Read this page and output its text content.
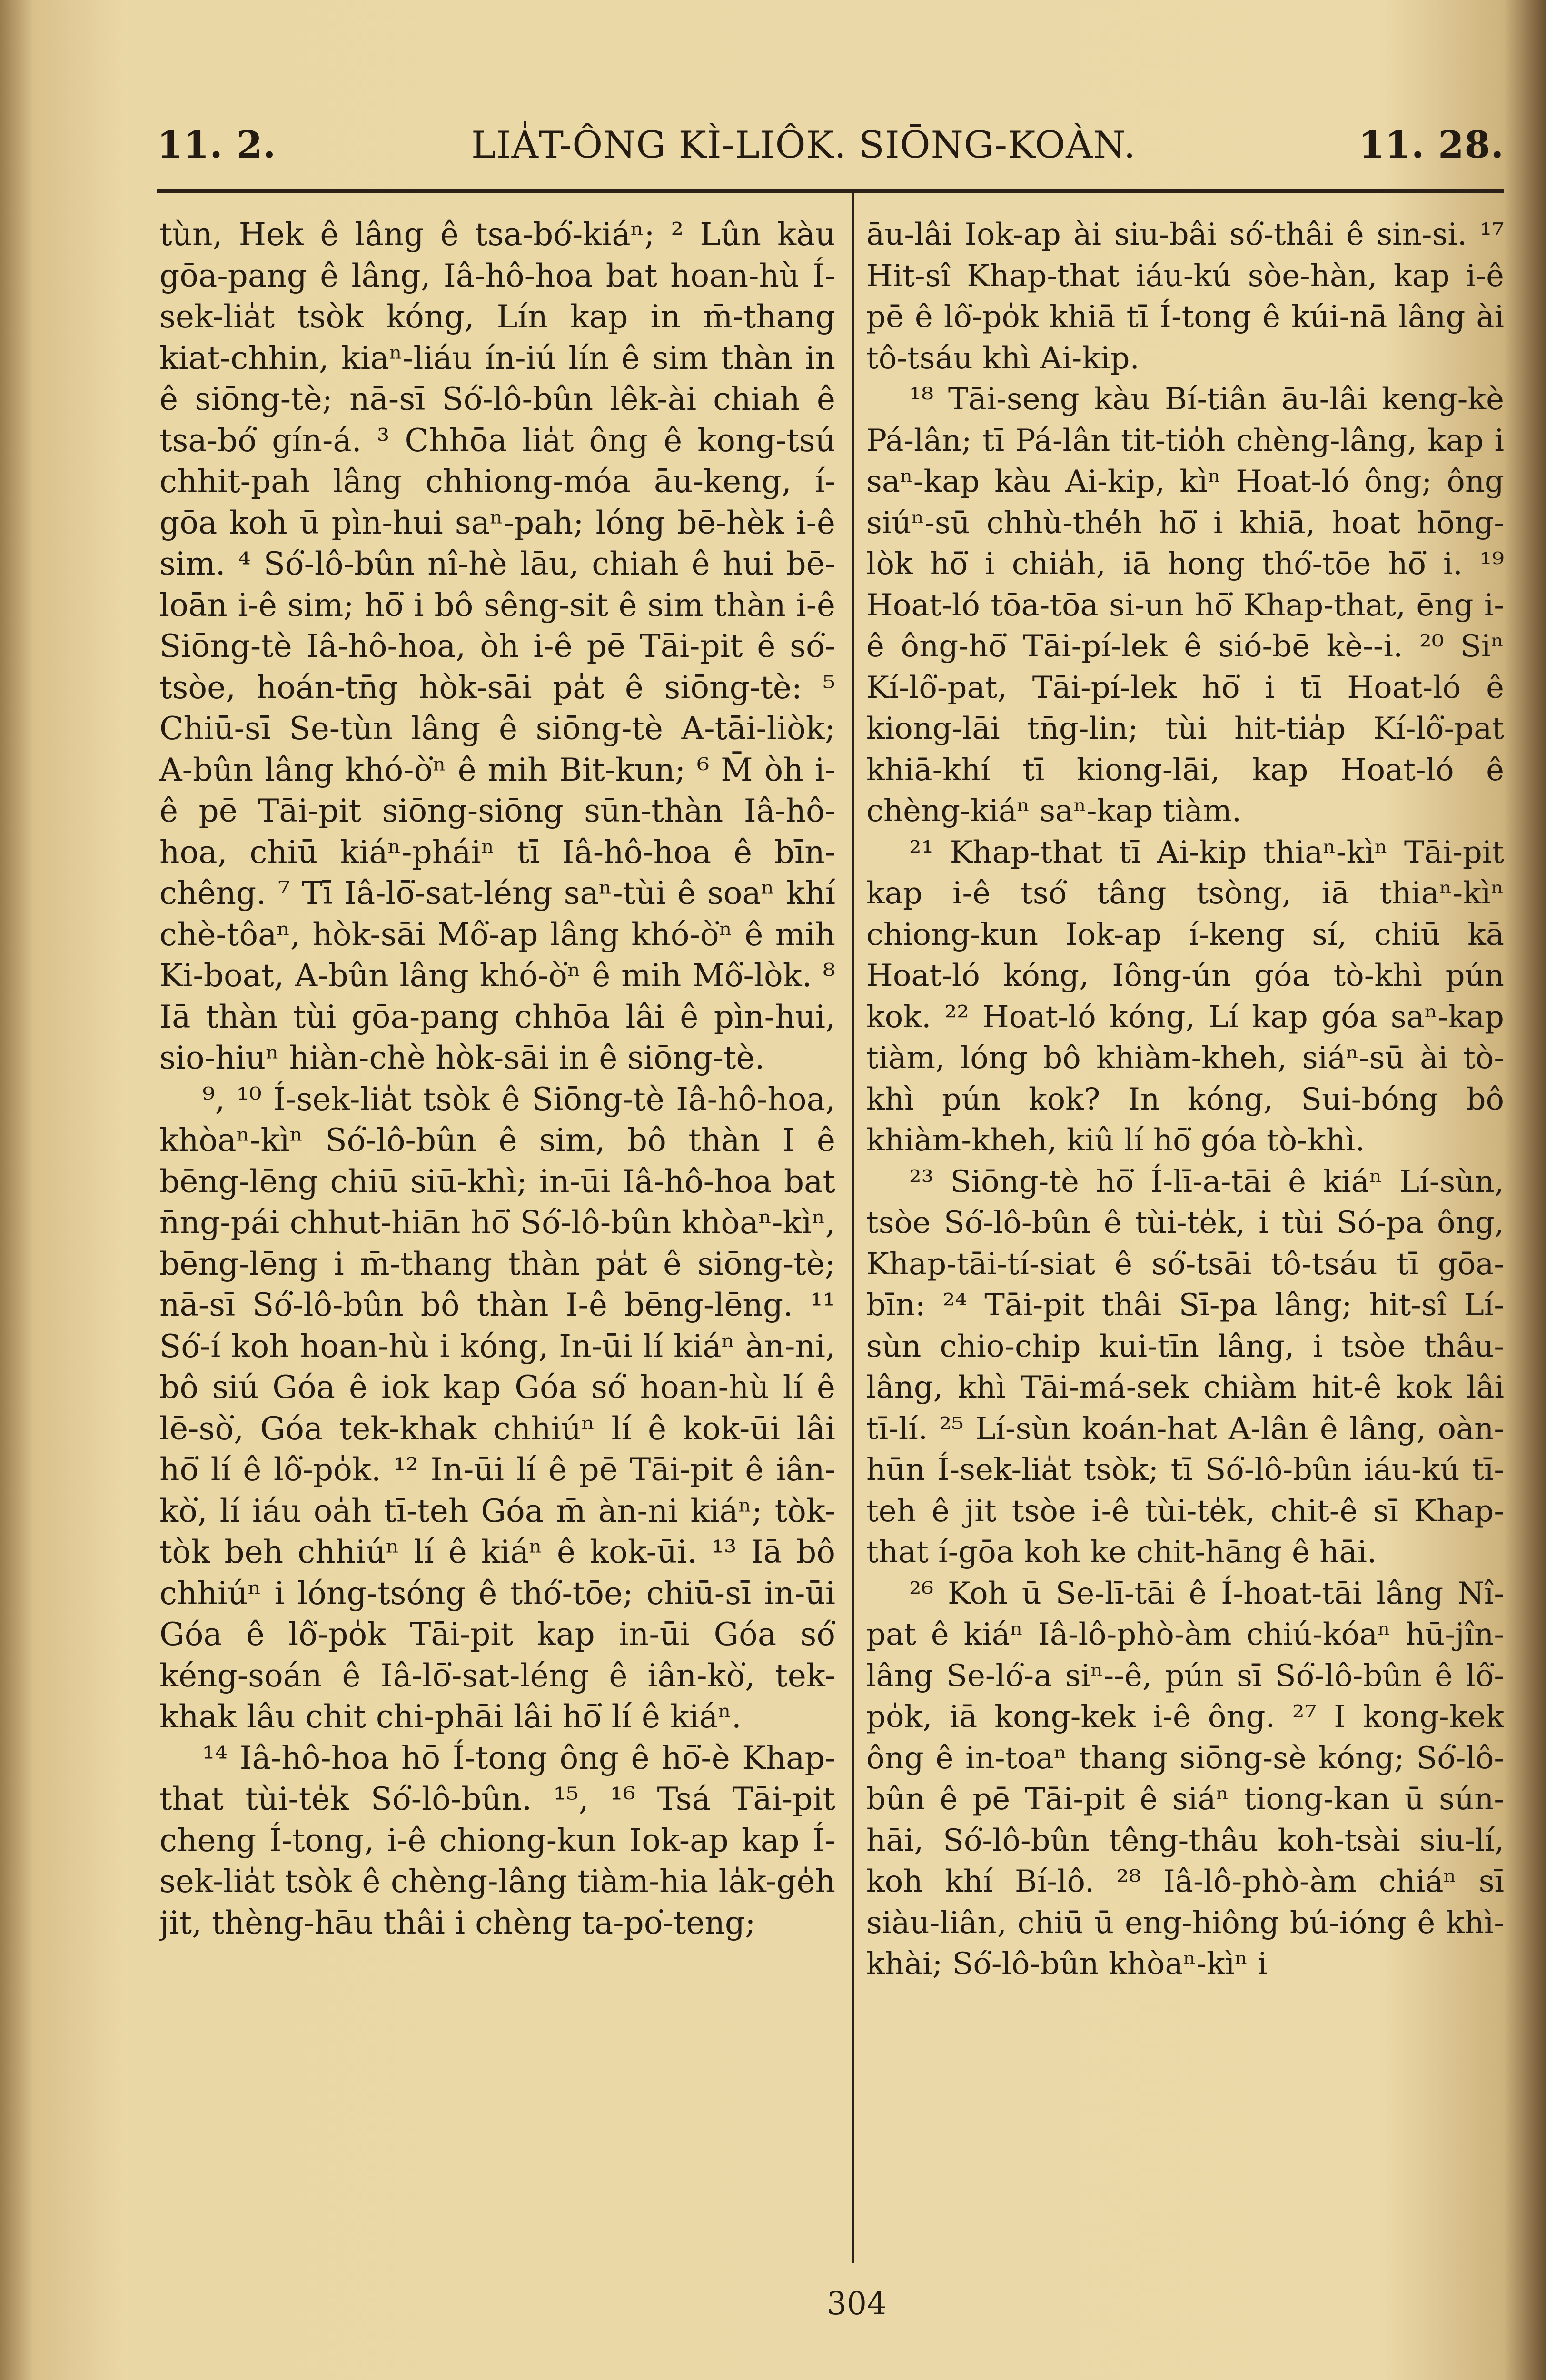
11. 2.	LIA̍T-ÔNG KÌ-LIÔK. SIŌNG-KOÀN.	11. 28.

tùn, Hek ê lâng ê tsa-bó͘-kiáⁿ; ² Lûn kàu gōa-pang ê lâng, Iâ-hô-hoa bat hoan-hù Í-sek-lia̍t tsòk kóng, Lín kap in m̄-thang kiat-chhin, kiaⁿ-liáu ín-iú lín ê sim thàn in ê siōng-tè; nā-sī Só͘-lô-bûn lêk-ài chiah ê tsa-bó͘ gín-á. ³ Chhōa lia̍t ông ê kong-tsú chhit-pah lâng chhiong-móa āu-keng, í-gōa koh ū pìn-hui saⁿ-pah; lóng bē-hèk i-ê sim. ⁴ Só͘-lô-bûn nî-hè lāu, chiah ê hui bē-loān i-ê sim; hō͘ i bô sêng-sit ê sim thàn i-ê Siōng-tè Iâ-hô-hoa, òh i-ê pē Tāi-pit ê só͘-tsòe, hoán-tn̄g hòk-sāi pa̍t ê siōng-tè: ⁵ Chiū-sī Se-tùn lâng ê siōng-tè A-tāi-liòk; A-bûn lâng khó-ò͘ⁿ ê mih Bit-kun; ⁶ M̄ òh i-ê pē Tāi-pit siōng-siōng sūn-thàn Iâ-hô-hoa, chiū kiáⁿ-pháiⁿ tī Iâ-hô-hoa ê bīn-chêng. ⁷ Tī Iâ-lō͘-sat-léng saⁿ-tùi ê soaⁿ khí chè-tôaⁿ, hòk-sāi Mô͘-ap lâng khó-ò͘ⁿ ê mih Ki-boat, A-bûn lâng khó-ò͘ⁿ ê mih Mô͘-lòk. ⁸ Iā thàn tùi gōa-pang chhōa lâi ê pìn-hui, sio-hiuⁿ hiàn-chè hòk-sāi in ê siōng-tè.

⁹, ¹⁰ Í-sek-lia̍t tsòk ê Siōng-tè Iâ-hô-hoa, khòaⁿ-kìⁿ Só͘-lô-bûn ê sim, bô thàn I ê bēng-lēng chiū siū-khì; in-ūi Iâ-hô-hoa bat n̄ng-pái chhut-hiān hō͘ Só͘-lô-bûn khòaⁿ-kìⁿ, bēng-lēng i m̄-thang thàn pa̍t ê siōng-tè; nā-sī Só͘-lô-bûn bô thàn I-ê bēng-lēng. ¹¹ Só͘-í koh hoan-hù i kóng, In-ūi lí kiáⁿ àn-ni, bô siú Góa ê iok kap Góa só͘ hoan-hù lí ê lē-sò͘, Góa tek-khak chhiúⁿ lí ê kok-ūi lâi hō͘ lí ê lô͘-po̍k. ¹² In-ūi lí ê pē Tāi-pit ê iân-kò͘, lí iáu oa̍h tī-teh Góa m̄ àn-ni kiáⁿ; tòk-tòk beh chhiúⁿ lí ê kiáⁿ ê kok-ūi. ¹³ Iā bô chhiúⁿ i lóng-tsóng ê thó͘-tōe; chiū-sī in-ūi Góa ê lô͘-po̍k Tāi-pit kap in-ūi Góa só͘ kéng-soán ê Iâ-lō͘-sat-léng ê iân-kò͘, tek-khak lâu chit chi-phāi lâi hō͘ lí ê kiáⁿ.

¹⁴ Iâ-hô-hoa hō Í-tong ông ê hō͘-è Khap-that tùi-te̍k Só͘-lô-bûn. ¹⁵, ¹⁶ Tsá Tāi-pit cheng Í-tong, i-ê chiong-kun Iok-ap kap Í-sek-lia̍t tsòk ê chèng-lâng tiàm-hia la̍k-ge̍h jit, thèng-hāu thâi i chèng ta-po͘-teng;

āu-lâi Iok-ap ài siu-bâi só͘-thâi ê sin-si. ¹⁷ Hit-sî Khap-that iáu-kú sòe-hàn, kap i-ê pē ê lô͘-po̍k khiā tī Í-tong ê kúi-nā lâng ài tô-tsáu khì Ai-kip.

¹⁸ Tāi-seng kàu Bí-tiân āu-lâi keng-kè Pá-lân; tī Pá-lân tit-tio̍h chèng-lâng, kap i saⁿ-kap kàu Ai-kip, kìⁿ Hoat-ló ông; ông siúⁿ-sū chhù-thé̍h hō͘ i khiā, hoat hōng-lòk hō͘ i chia̍h, iā hong thó͘-tōe hō͘ i. ¹⁹ Hoat-ló tōa-tōa si-un hō͘ Khap-that, ēng i-ê ông-hō͘ Tāi-pí-lek ê sió-bē kè--i. ²⁰ Siⁿ Kí-lô͘-pat, Tāi-pí-lek hō͘ i tī Hoat-ló ê kiong-lāi tn̄g-lin; tùi hit-tia̍p Kí-lô͘-pat khiā-khí tī kiong-lāi, kap Hoat-ló ê chèng-kiáⁿ saⁿ-kap tiàm.

²¹ Khap-that tī Ai-kip thiaⁿ-kìⁿ Tāi-pit kap i-ê tsó͘ tâng tsòng, iā thiaⁿ-kìⁿ chiong-kun Iok-ap í-keng sí, chiū kā Hoat-ló kóng, Iông-ún góa tò-khì pún kok. ²² Hoat-ló kóng, Lí kap góa saⁿ-kap tiàm, lóng bô khiàm-kheh, siáⁿ-sū ài tò-khì pún kok? In kóng, Sui-bóng bô khiàm-kheh, kiû lí hō͘ góa tò-khì.

²³ Siōng-tè hō͘ Í-lī-a-tāi ê kiáⁿ Lí-sùn, tsòe Só͘-lô-bûn ê tùi-te̍k, i tùi Só-pa ông, Khap-tāi-tí-siat ê só͘-tsāi tô-tsáu tī gōa-bīn: ²⁴ Tāi-pit thâi Sī-pa lâng; hit-sî Lí-sùn chio-chip kui-tīn lâng, i tsòe thâu-lâng, khì Tāi-má-sek chiàm hit-ê kok lâi tī-lí. ²⁵ Lí-sùn koán-hat A-lân ê lâng, oàn-hūn Í-sek-lia̍t tsòk; tī Só͘-lô-bûn iáu-kú tī-teh ê jit tsòe i-ê tùi-te̍k, chit-ê sī Khap-that í-gōa koh ke chit-hāng ê hāi.

²⁶ Koh ū Se-lī-tāi ê Í-hoat-tāi lâng Nî-pat ê kiáⁿ Iâ-lô-phò-àm chiú-kóaⁿ hū-jîn-lâng Se-ló͘-a siⁿ--ê, pún sī Só͘-lô-bûn ê lô͘-po̍k, iā kong-kek i-ê ông. ²⁷ I kong-kek ông ê in-toaⁿ thang siōng-sè kóng; Só͘-lô-bûn ê pē Tāi-pit ê siáⁿ tiong-kan ū sún-hāi, Só͘-lô-bûn têng-thâu koh-tsài siu-lí, koh khí Bí-lô. ²⁸ Iâ-lô-phò-àm chiáⁿ sī siàu-liân, chiū ū eng-hiông bú-ióng ê khì-khài; Só͘-lô-bûn khòaⁿ-kìⁿ i

304
